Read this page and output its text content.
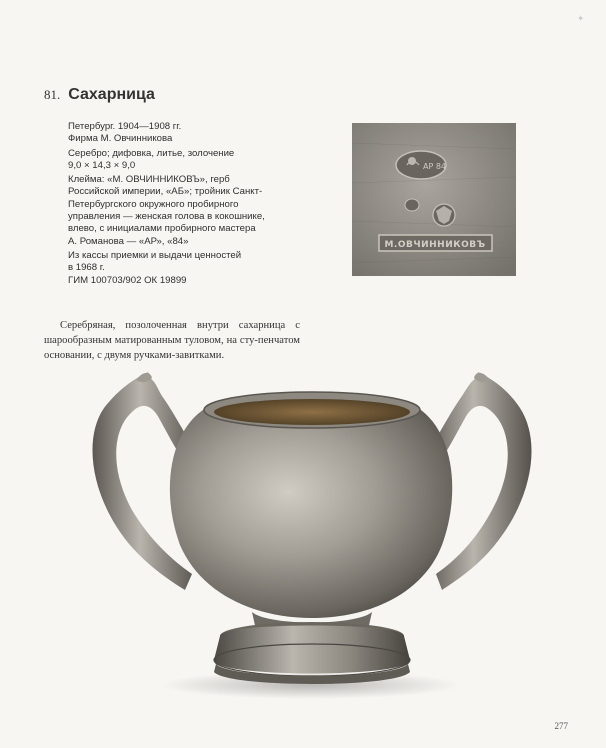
✦
81. Сахарница
Петербург. 1904—1908 гг.
Фирма М. Овчинникова
Серебро; дифовка, литье, золочение
9,0 × 14,3 × 9,0
Клейма: «М. ОВЧИННИКОВЪ», герб
Российской империи, «АБ»; тройник Санкт-
Петербургского окружного пробирного
управления — женская голова в кокошнике,
влево, с инициалами пробирного мастера
А. Романова — «АР», «84»
Из кассы приемки и выдачи ценностей
в 1968 г.
ГИМ 100703/902 ОК 19899

Серебряная, позолоченная внутри сахарница с шарообразным матированным туловом, на сту-пенчатом основании, с двумя ручками-завитками.

АР 84
М.ОВЧИННИКОВЪ
277
